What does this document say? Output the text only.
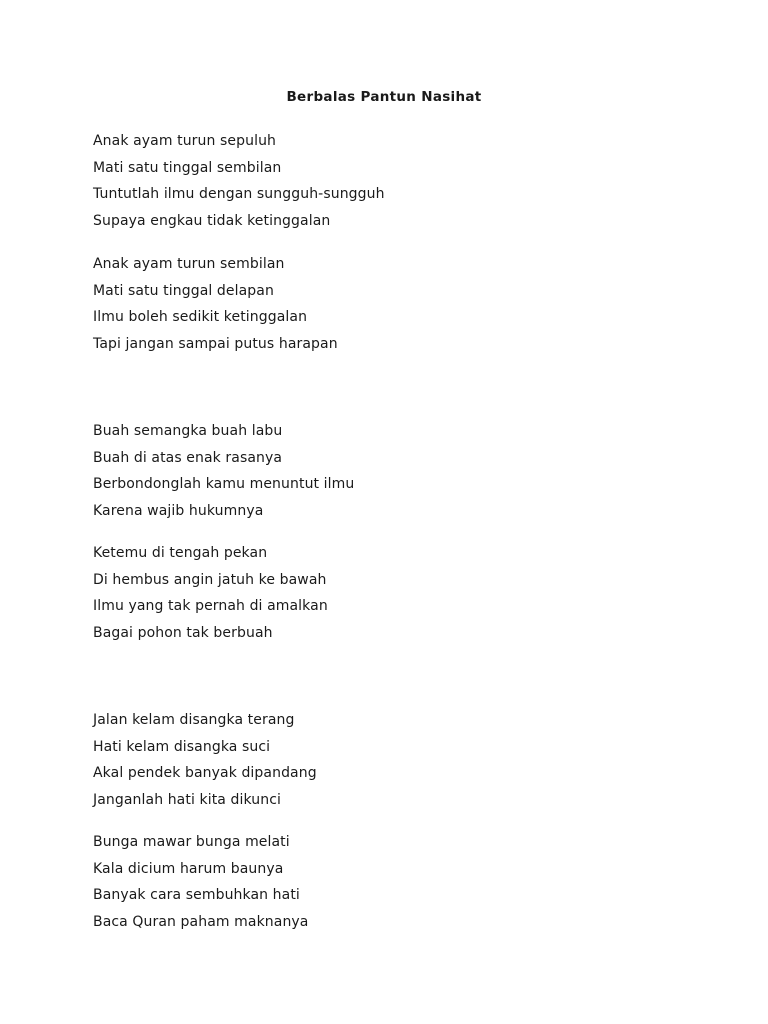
Berbalas Pantun Nasihat
Anak ayam turun sepuluh
Mati satu tinggal sembilan
Tuntutlah ilmu dengan sungguh-sungguh
Supaya engkau tidak ketinggalan
Anak ayam turun sembilan
Mati satu tinggal delapan
Ilmu boleh sedikit ketinggalan
Tapi jangan sampai putus harapan
Buah semangka buah labu
Buah di atas enak rasanya
Berbondonglah kamu menuntut ilmu
Karena wajib hukumnya
Ketemu di tengah pekan
Di hembus angin jatuh ke bawah
Ilmu yang tak pernah di amalkan
Bagai pohon tak berbuah
Jalan kelam disangka terang
Hati kelam disangka suci
Akal pendek banyak dipandang
Janganlah hati kita dikunci
Bunga mawar bunga melati
Kala dicium harum baunya
Banyak cara sembuhkan hati
Baca Quran paham maknanya
